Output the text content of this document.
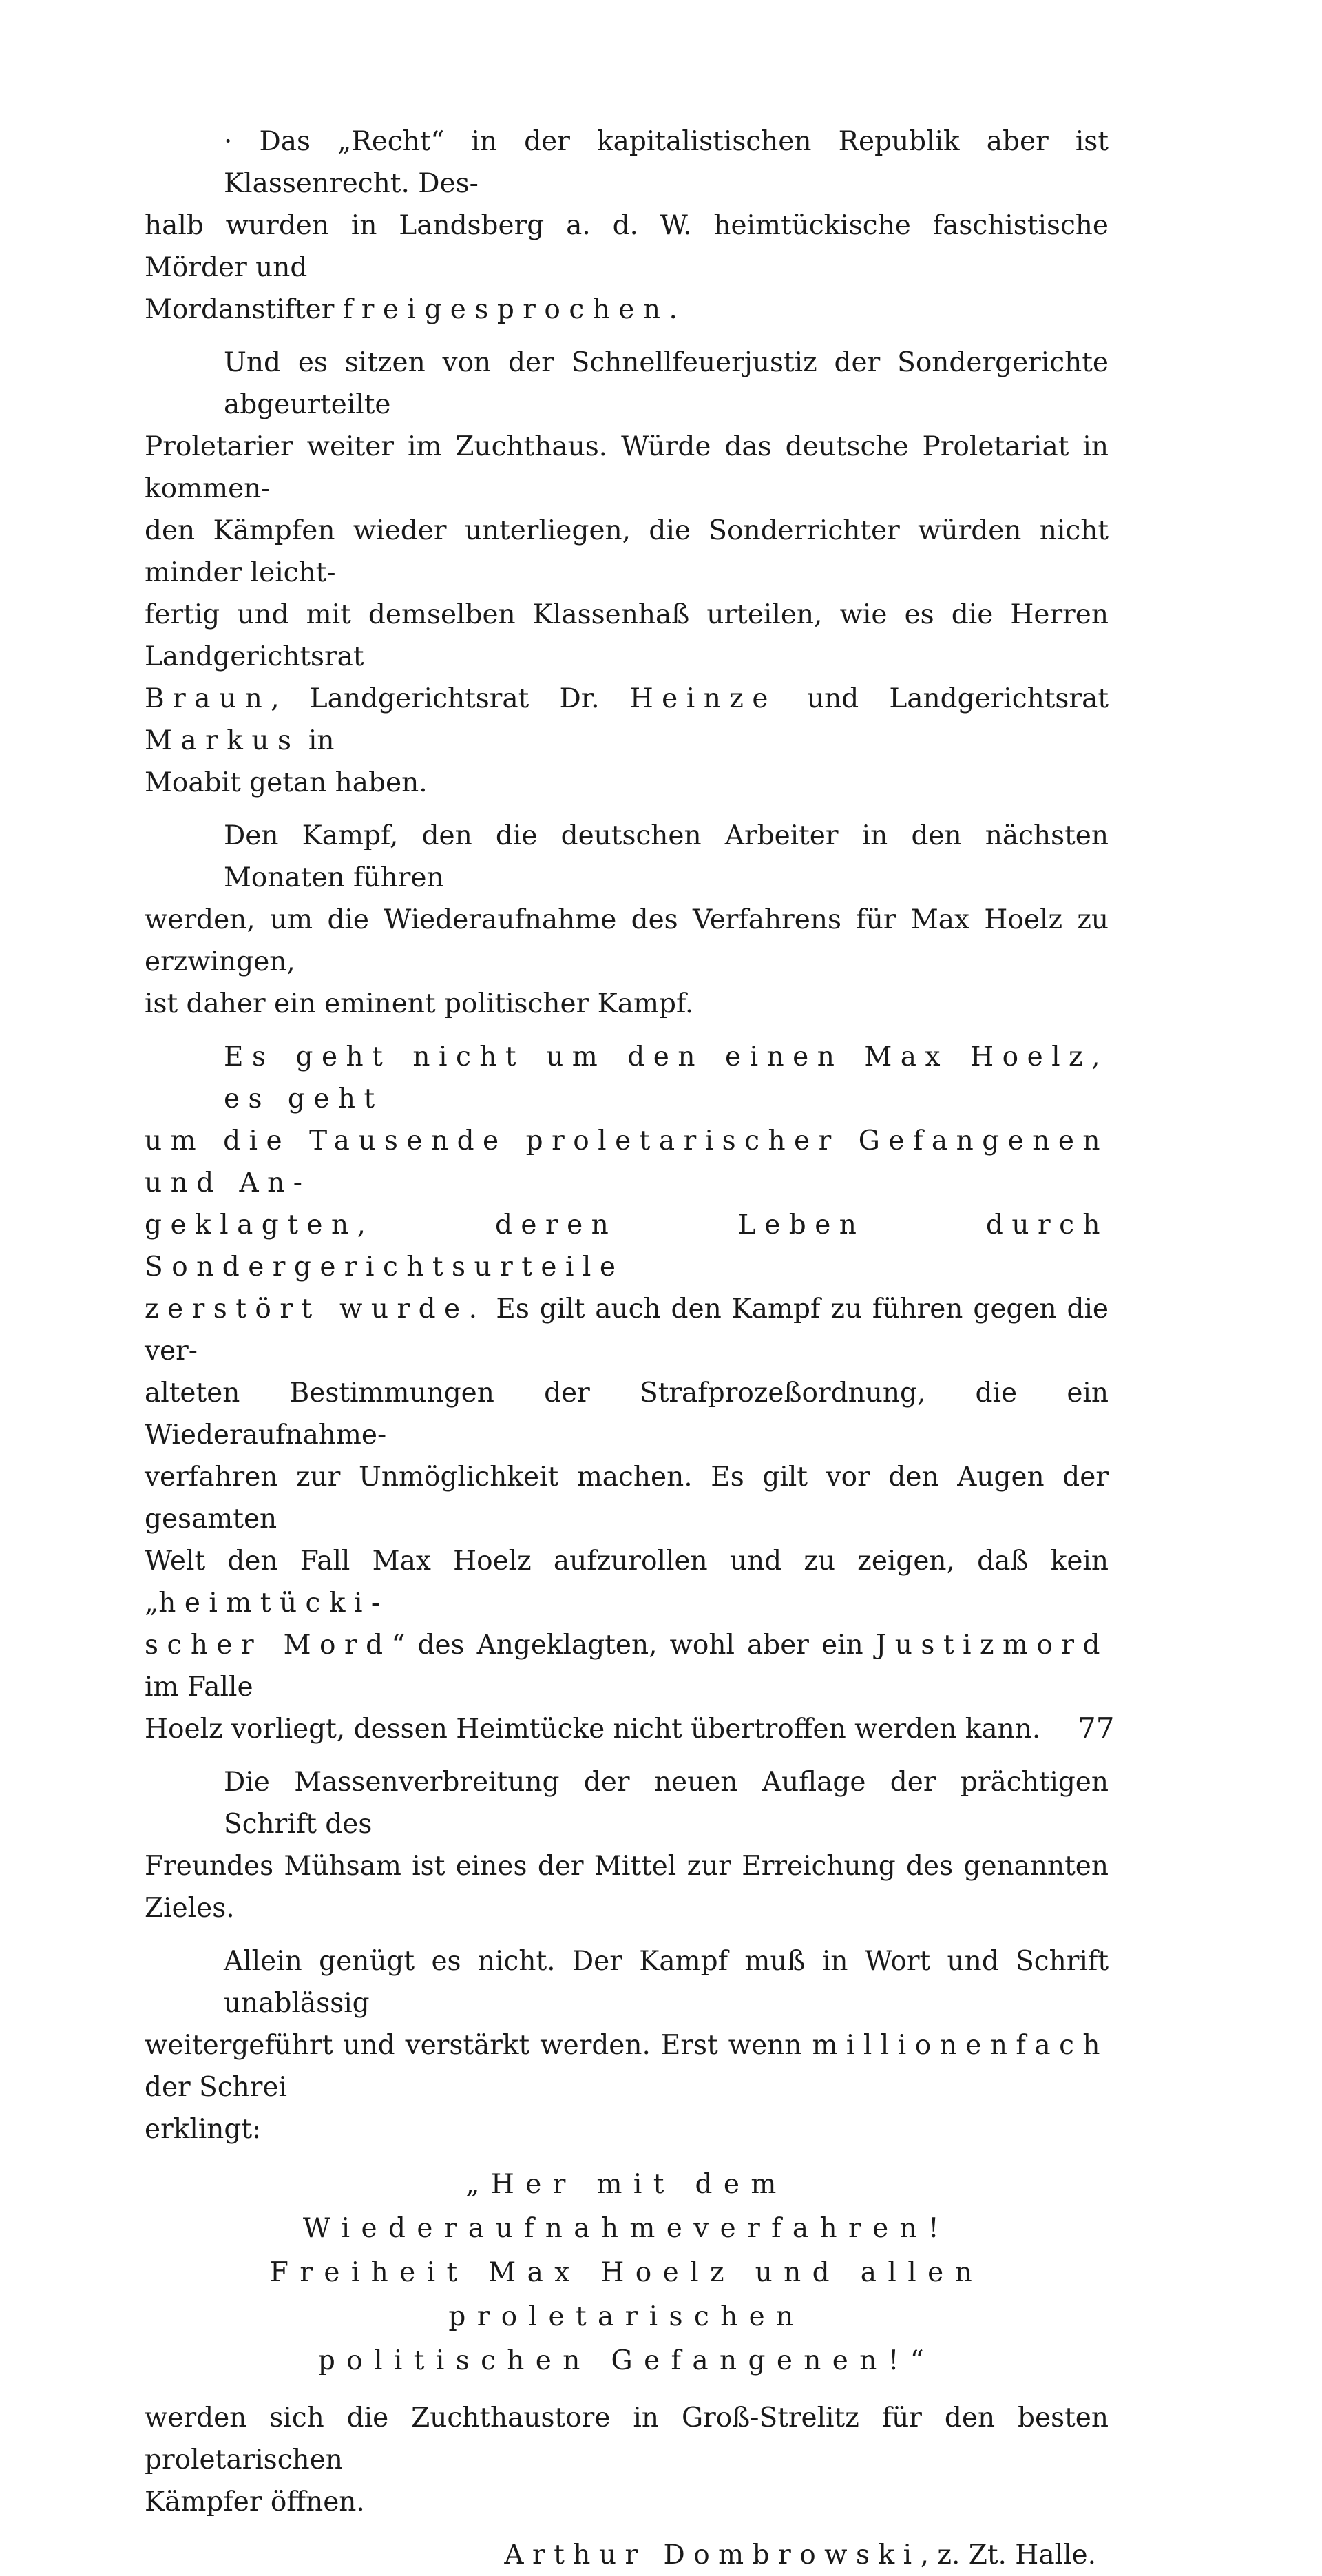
· Das „Recht“ in der kapitalistischen Republik aber ist Klassenrecht. Des-
halb wurden in Landsberg a. d. W. heimtückische faschistische Mörder und
Mordanstifter freigesprochen.

Und es sitzen von der Schnellfeuerjustiz der Sondergerichte abgeurteilte
Proletarier weiter im Zuchthaus. Würde das deutsche Proletariat in kommen-
den Kämpfen wieder unterliegen, die Sonderrichter würden nicht minder leicht-
fertig und mit demselben Klassenhaß urteilen, wie es die Herren Landgerichtsrat
Braun, Landgerichtsrat Dr. Heinze und Landgerichtsrat Markus in
Moabit getan haben.

Den Kampf, den die deutschen Arbeiter in den nächsten Monaten führen
werden, um die Wiederaufnahme des Verfahrens für Max Hoelz zu erzwingen,
ist daher ein eminent politischer Kampf.

Es geht nicht um den einen Max Hoelz, es geht
um die Tausende proletarischer Gefangenen und An-
geklagten, deren Leben durch Sondergerichtsurteile
zerstört wurde. Es gilt auch den Kampf zu führen gegen die ver-
alteten Bestimmungen der Strafprozeßordnung, die ein Wiederaufnahme-
verfahren zur Unmöglichkeit machen. Es gilt vor den Augen der gesamten
Welt den Fall Max Hoelz aufzurollen und zu zeigen, daß kein „heimtücki-
scher Mord“ des Angeklagten, wohl aber ein Justizmord im Falle
Hoelz vorliegt, dessen Heimtücke nicht übertroffen werden kann.

Die Massenverbreitung der neuen Auflage der prächtigen Schrift des
Freundes Mühsam ist eines der Mittel zur Erreichung des genannten Zieles.

Allein genügt es nicht. Der Kampf muß in Wort und Schrift unablässig
weitergeführt und verstärkt werden. Erst wenn millionenfach der Schrei
erklingt:

„Her mit dem Wiederaufnahmeverfahren!
Freiheit Max Hoelz und allen proletarischen
politischen Gefangenen!“

werden sich die Zuchthaustore in Groß-Strelitz für den besten proletarischen
Kämpfer öffnen.

Arthur Dombrowski, z. Zt. Halle.
77
